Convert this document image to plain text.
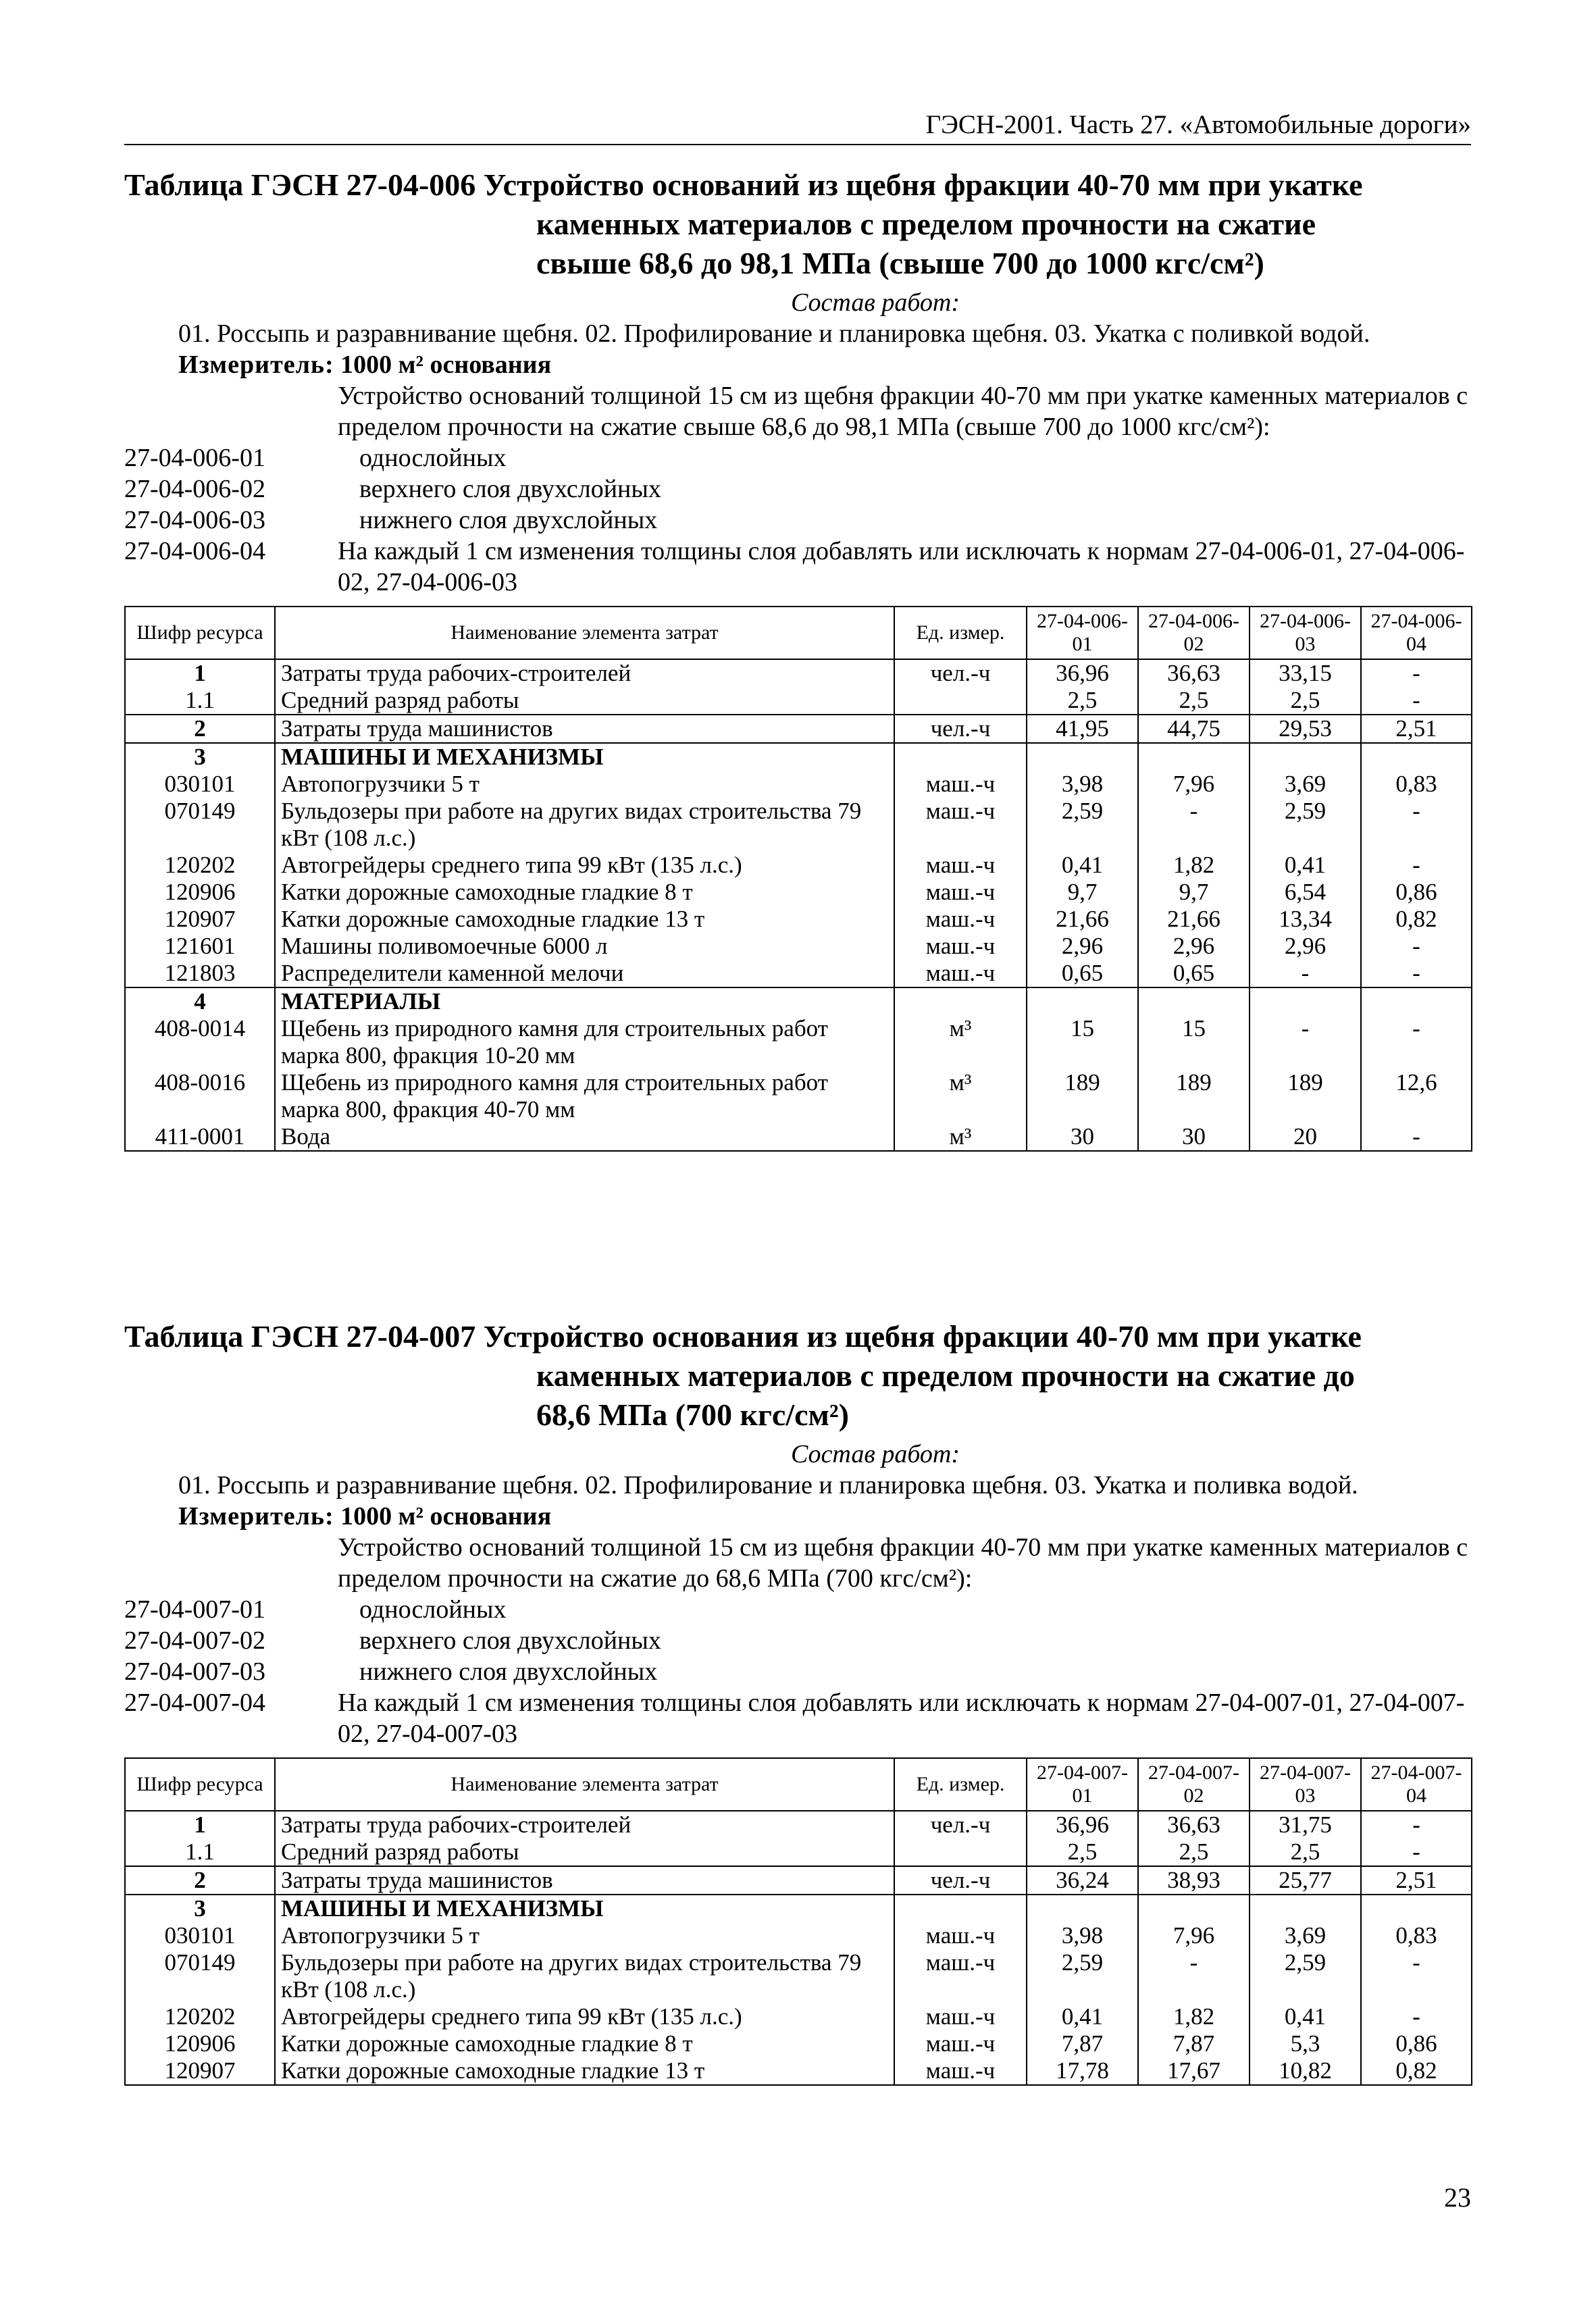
ГЭСН-2001. Часть 27. «Автомобильные дороги»
Таблица ГЭСН 27-04-006 Устройство оснований из щебня фракции 40-70 мм при укатке
каменных материалов с пределом прочности на сжатие
свыше 68,6 до 98,1 МПа (свыше 700 до 1000 кгс/см²)
Состав работ:
01. Россыпь и разравнивание щебня. 02. Профилирование и планировка щебня. 03. Укатка с поливкой водой.
Измеритель: 1000 м² основания
Устройство оснований толщиной 15 см из щебня фракции 40-70 мм при укатке каменных материалов с пределом прочности на сжатие свыше 68,6 до 98,1 МПа (свыше 700 до 1000 кгс/см²):
27-04-006-01	однослойных
27-04-006-02	верхнего слоя двухслойных
27-04-006-03	нижнего слоя двухслойных
27-04-006-04	На каждый 1 см изменения толщины слоя добавлять или исключать к нормам 27-04-006-01, 27-04-006-02, 27-04-006-03
Шифр ресурса	Наименование элемента затрат	Ед. измер.	27-04-006-01	27-04-006-02	27-04-006-03	27-04-006-04
1	Затраты труда рабочих-строителей	чел.-ч	36,96	36,63	33,15	-
1.1	Средний разряд работы		2,5	2,5	2,5	-
2	Затраты труда машинистов	чел.-ч	41,95	44,75	29,53	2,51
3	МАШИНЫ И МЕХАНИЗМЫ					
030101	Автопогрузчики 5 т	маш.-ч	3,98	7,96	3,69	0,83
070149	Бульдозеры при работе на других видах строительства 79 кВт (108 л.с.)	маш.-ч	2,59	-	2,59	-
120202	Автогрейдеры среднего типа 99 кВт (135 л.с.)	маш.-ч	0,41	1,82	0,41	-
120906	Катки дорожные самоходные гладкие 8 т	маш.-ч	9,7	9,7	6,54	0,86
120907	Катки дорожные самоходные гладкие 13 т	маш.-ч	21,66	21,66	13,34	0,82
121601	Машины поливомоечные 6000 л	маш.-ч	2,96	2,96	2,96	-
121803	Распределители каменной мелочи	маш.-ч	0,65	0,65	-	-
4	МАТЕРИАЛЫ					
408-0014	Щебень из природного камня для строительных работ марка 800, фракция 10-20 мм	м³	15	15	-	-
408-0016	Щебень из природного камня для строительных работ марка 800, фракция 40-70 мм	м³	189	189	189	12,6
411-0001	Вода	м³	30	30	20	-
Таблица ГЭСН 27-04-007 Устройство основания из щебня фракции 40-70 мм при укатке
каменных материалов с пределом прочности на сжатие до
68,6 МПа (700 кгс/см²)
Состав работ:
01. Россыпь и разравнивание щебня. 02. Профилирование и планировка щебня. 03. Укатка и поливка водой.
Измеритель: 1000 м² основания
Устройство оснований толщиной 15 см из щебня фракции 40-70 мм при укатке каменных материалов с пределом прочности на сжатие до 68,6 МПа (700 кгс/см²):
27-04-007-01	однослойных
27-04-007-02	верхнего слоя двухслойных
27-04-007-03	нижнего слоя двухслойных
27-04-007-04	На каждый 1 см изменения толщины слоя добавлять или исключать к нормам 27-04-007-01, 27-04-007-02, 27-04-007-03
Шифр ресурса	Наименование элемента затрат	Ед. измер.	27-04-007-01	27-04-007-02	27-04-007-03	27-04-007-04
1	Затраты труда рабочих-строителей	чел.-ч	36,96	36,63	31,75	-
1.1	Средний разряд работы		2,5	2,5	2,5	-
2	Затраты труда машинистов	чел.-ч	36,24	38,93	25,77	2,51
3	МАШИНЫ И МЕХАНИЗМЫ					
030101	Автопогрузчики 5 т	маш.-ч	3,98	7,96	3,69	0,83
070149	Бульдозеры при работе на других видах строительства 79 кВт (108 л.с.)	маш.-ч	2,59	-	2,59	-
120202	Автогрейдеры среднего типа 99 кВт (135 л.с.)	маш.-ч	0,41	1,82	0,41	-
120906	Катки дорожные самоходные гладкие 8 т	маш.-ч	7,87	7,87	5,3	0,86
120907	Катки дорожные самоходные гладкие 13 т	маш.-ч	17,78	17,67	10,82	0,82
23
